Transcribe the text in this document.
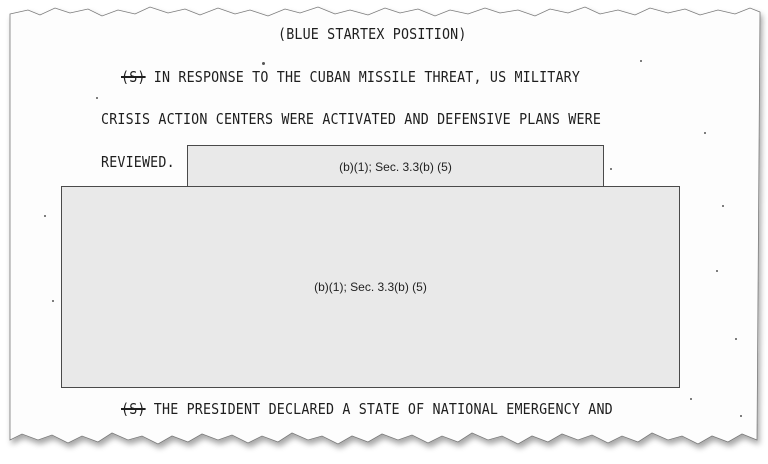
(BLUE STARTEX POSITION)
(S) IN RESPONSE TO THE CUBAN MISSILE THREAT, US MILITARY
CRISIS ACTION CENTERS WERE ACTIVATED AND DEFENSIVE PLANS WERE
REVIEWED.	(b)(1); Sec. 3.3(b) (5)
(b)(1); Sec. 3.3(b) (5)
(S) THE PRESIDENT DECLARED A STATE OF NATIONAL EMERGENCY AND
